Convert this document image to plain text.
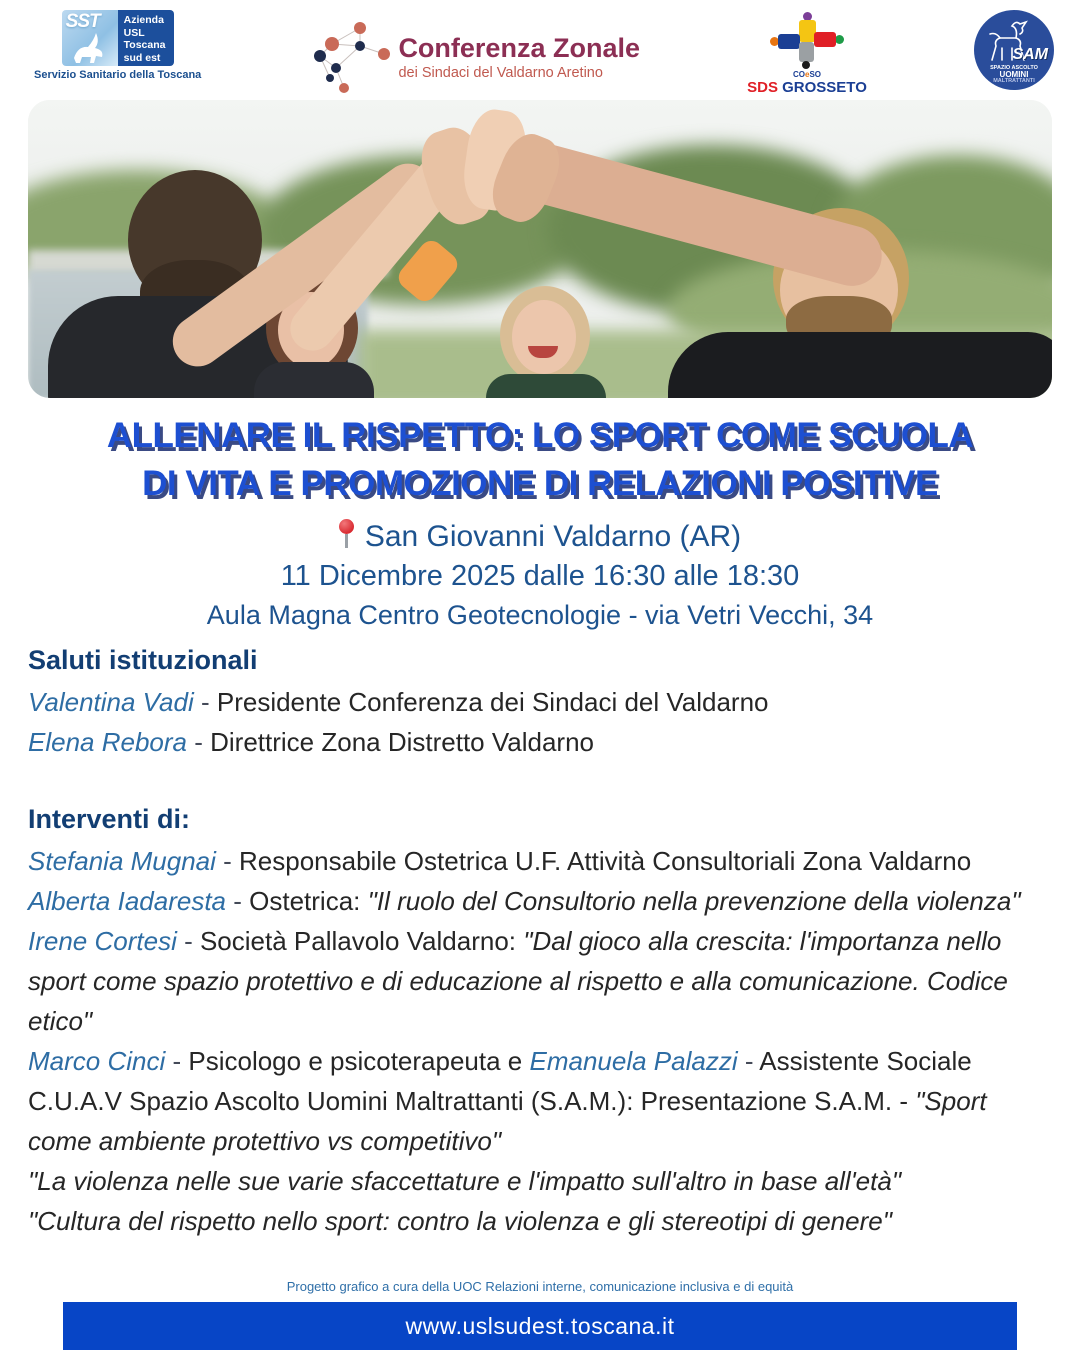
SST Azienda
USL
Toscana
sud est
Servizio Sanitario della Toscana
Conferenza Zonale
dei Sindaci del Valdarno Aretino	COeSO
SDS GROSSETO
SAM
SPAZIO ASCOLTO
UOMINI
MALTRATTANTI
ALLENARE IL RISPETTO: LO SPORT COME SCUOLA
DI VITA E PROMOZIONE DI RELAZIONI POSITIVE
San Giovanni Valdarno (AR)
11 Dicembre 2025 dalle 16:30 alle 18:30
Aula Magna Centro Geotecnologie - via Vetri Vecchi, 34
Saluti istituzionali

Valentina Vadi - Presidente Conferenza dei Sindaci del Valdarno

Elena Rebora - Direttrice Zona Distretto Valdarno

Interventi di:

Stefania Mugnai - Responsabile Ostetrica U.F. Attività Consultoriali Zona Valdarno

Alberta Iadaresta - Ostetrica: "Il ruolo del Consultorio nella prevenzione della violenza"

Irene Cortesi - Società Pallavolo Valdarno: "Dal gioco alla crescita: l'importanza nello sport come spazio protettivo e di educazione al rispetto e alla comunicazione. Codice etico"

Marco Cinci - Psicologo e psicoterapeuta e Emanuela Palazzi - Assistente Sociale C.U.A.V Spazio Ascolto Uomini Maltrattanti (S.A.M.): Presentazione S.A.M. - "Sport come ambiente protettivo vs competitivo"

"La violenza nelle sue varie sfaccettature e l'impatto sull'altro in base all'età"

"Cultura del rispetto nello sport: contro la violenza e gli stereotipi di genere"

Progetto grafico a cura della UOC Relazioni interne, comunicazione inclusiva e di equità
www.uslsudest.toscana.it
